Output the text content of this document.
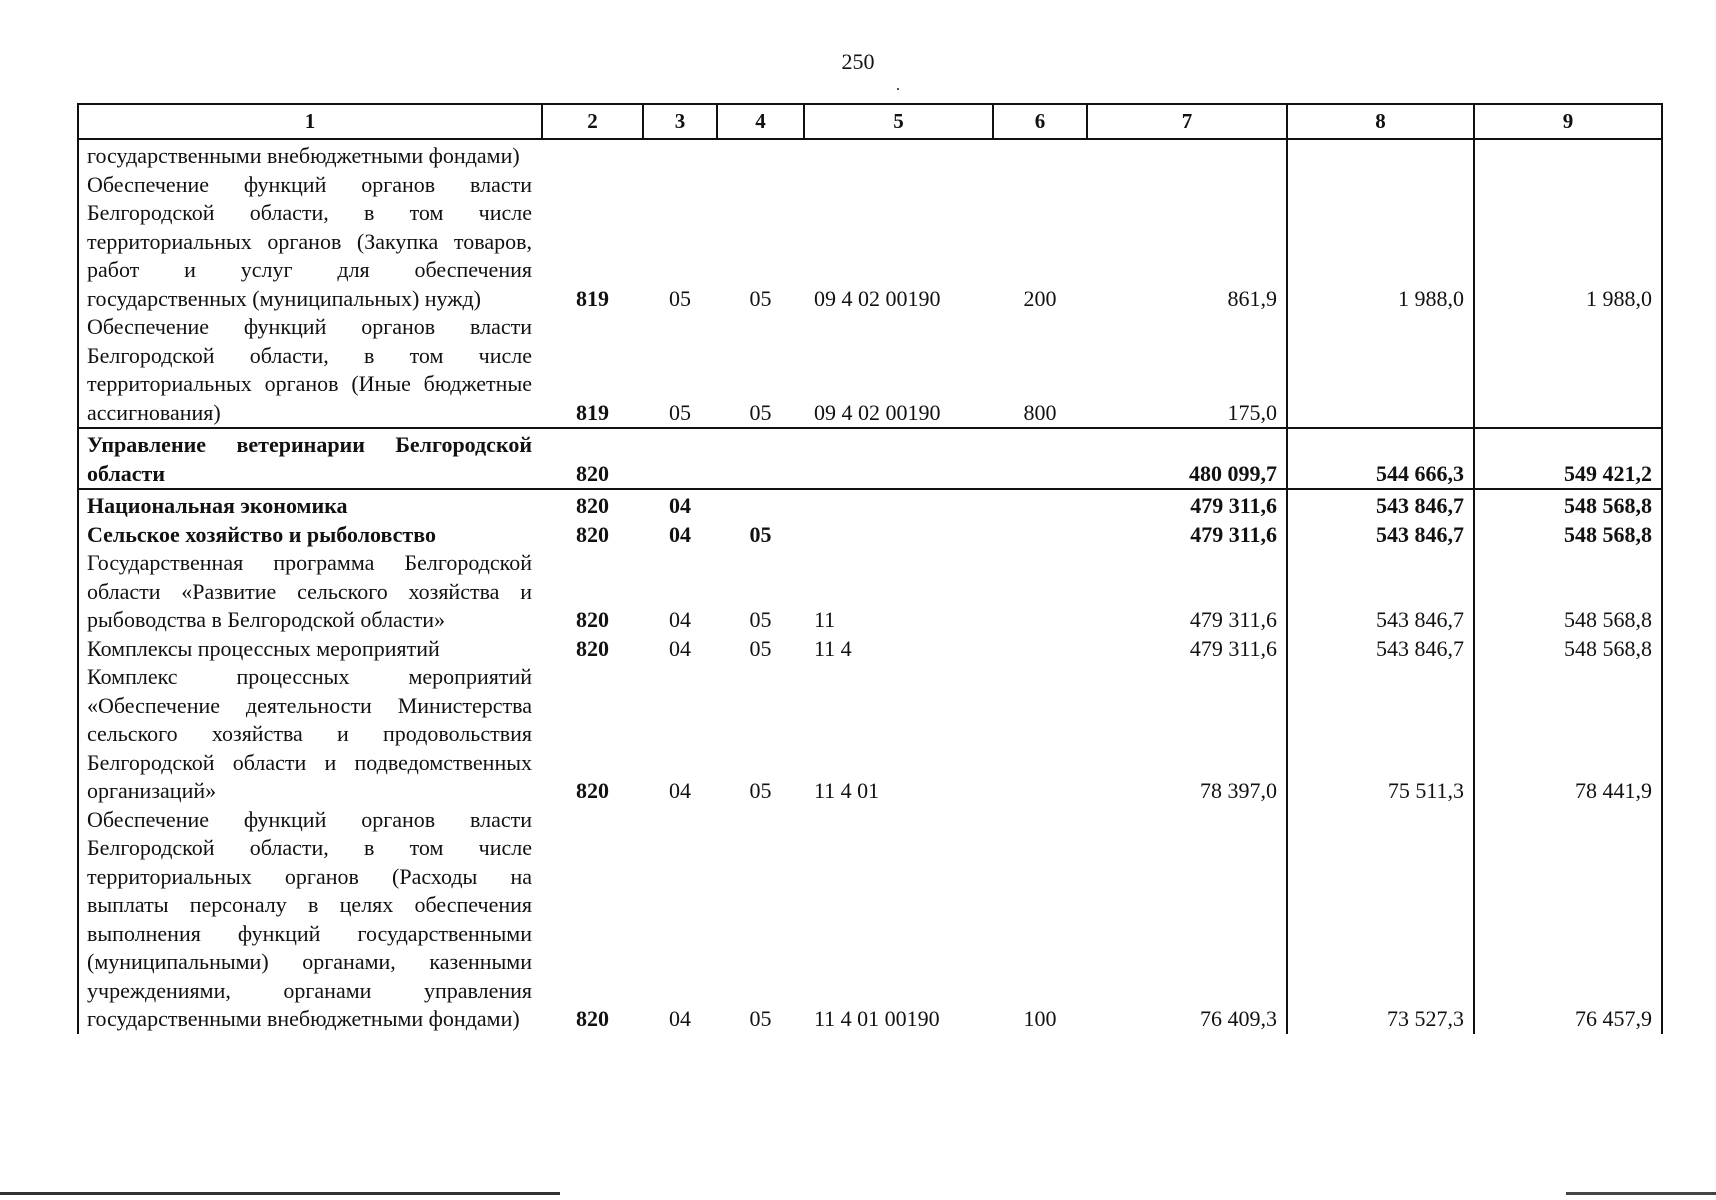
250
1	2	3	4	5	6	7	8	9
государственными внебюджетными фондами)								
Обеспечение функций органов власти Белгородской области, в том числе территориальных органов (Закупка товаров, работ и услуг для обеспечения государственных (муниципальных) нужд)	819	05	05	09 4 02 00190	200	861,9	1 988,0	1 988,0
Обеспечение функций органов власти Белгородской области, в том числе территориальных органов (Иные бюджетные ассигнования)	819	05	05	09 4 02 00190	800	175,0		
Управление ветеринарии Белгородской области	820					480 099,7	544 666,3	549 421,2
Национальная экономика	820	04				479 311,6	543 846,7	548 568,8
Сельское хозяйство и рыболовство	820	04	05			479 311,6	543 846,7	548 568,8
Государственная программа Белгородской области «Развитие сельского хозяйства и рыбоводства в Белгородской области»	820	04	05	11		479 311,6	543 846,7	548 568,8
Комплексы процессных мероприятий	820	04	05	11 4		479 311,6	543 846,7	548 568,8
Комплекс процессных мероприятий «Обеспечение деятельности Министерства сельского хозяйства и продовольствия Белгородской области и подведомственных организаций»	820	04	05	11 4 01		78 397,0	75 511,3	78 441,9
Обеспечение функций органов власти Белгородской области, в том числе территориальных органов (Расходы на выплаты персоналу в целях обеспечения выполнения функций государственными (муниципальными) органами, казенными учреждениями, органами управления государственными внебюджетными фондами)	820	04	05	11 4 01 00190	100	76 409,3	73 527,3	76 457,9
